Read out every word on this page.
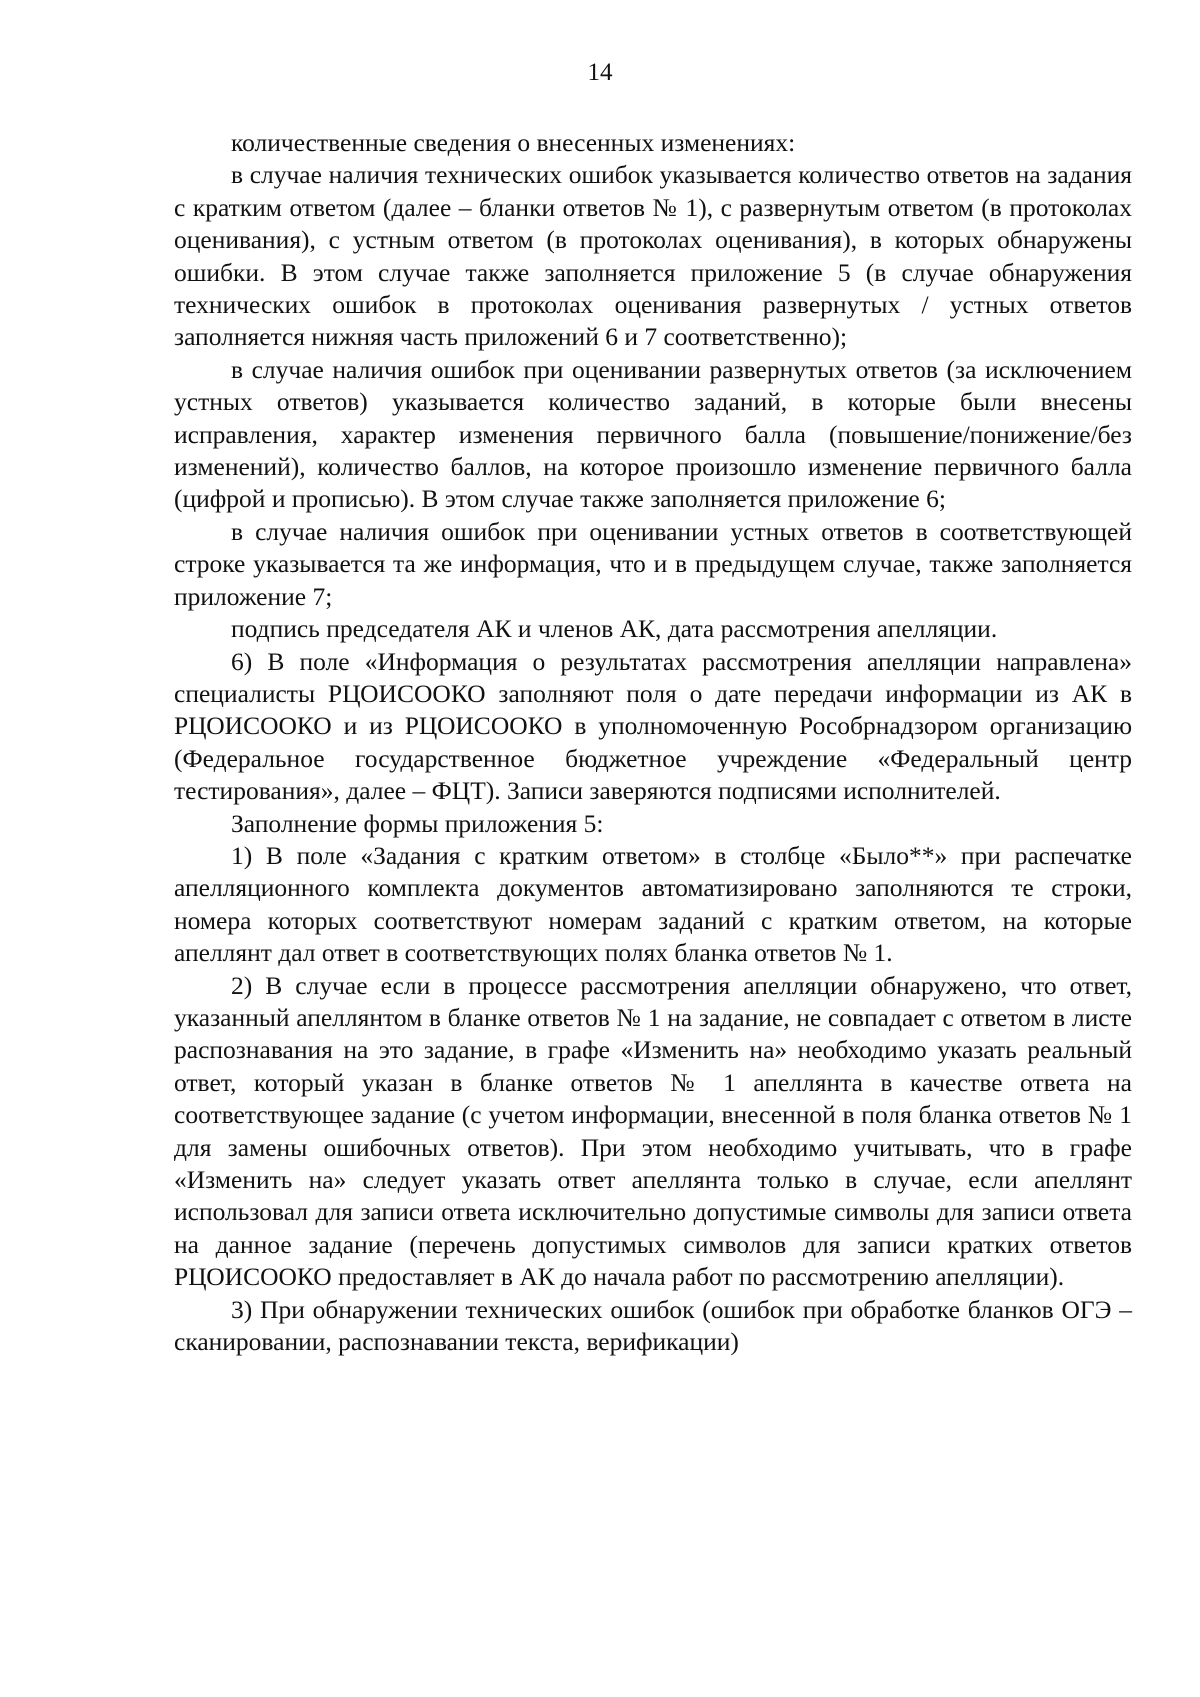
14

количественные сведения о внесенных изменениях:

в случае наличия технических ошибок указывается количество ответов на задания с кратким ответом (далее – бланки ответов № 1), с развернутым ответом (в протоколах оценивания), с устным ответом (в протоколах оценивания), в которых обнаружены ошибки. В этом случае также заполняется приложение 5 (в случае обнаружения технических ошибок в протоколах оценивания развернутых / устных ответов заполняется нижняя часть приложений 6 и 7 соответственно);

в случае наличия ошибок при оценивании развернутых ответов (за исключением устных ответов) указывается количество заданий, в которые были внесены исправления, характер изменения первичного балла (повышение/понижение/без изменений), количество баллов, на которое произошло изменение первичного балла (цифрой и прописью). В этом случае также заполняется приложение 6;

в случае наличия ошибок при оценивании устных ответов в соответствующей строке указывается та же информация, что и в предыдущем случае, также заполняется приложение 7;

подпись председателя АК и членов АК, дата рассмотрения апелляции.

6) В поле «Информация о результатах рассмотрения апелляции направлена» специалисты РЦОИСООКО заполняют поля о дате передачи информации из АК в РЦОИСООКО и из РЦОИСООКО в уполномоченную Рособрнадзором организацию (Федеральное государственное бюджетное учреждение «Федеральный центр тестирования», далее – ФЦТ). Записи заверяются подписями исполнителей.

Заполнение формы приложения 5:

1) В поле «Задания с кратким ответом» в столбце «Было**» при распечатке апелляционного комплекта документов автоматизировано заполняются те строки, номера которых соответствуют номерам заданий с кратким ответом, на которые апеллянт дал ответ в соответствующих полях бланка ответов № 1.

2) В случае если в процессе рассмотрения апелляции обнаружено, что ответ, указанный апеллянтом в бланке ответов № 1 на задание, не совпадает с ответом в листе распознавания на это задание, в графе «Изменить на» необходимо указать реальный ответ, который указан в бланке ответов № 1 апеллянта в качестве ответа на соответствующее задание (с учетом информации, внесенной в поля бланка ответов № 1 для замены ошибочных ответов). При этом необходимо учитывать, что в графе «Изменить на» следует указать ответ апеллянта только в случае, если апеллянт использовал для записи ответа исключительно допустимые символы для записи ответа на данное задание (перечень допустимых символов для записи кратких ответов РЦОИСООКО предоставляет в АК до начала работ по рассмотрению апелляции).

3) При обнаружении технических ошибок (ошибок при обработке бланков ОГЭ – сканировании, распознавании текста, верификации)
